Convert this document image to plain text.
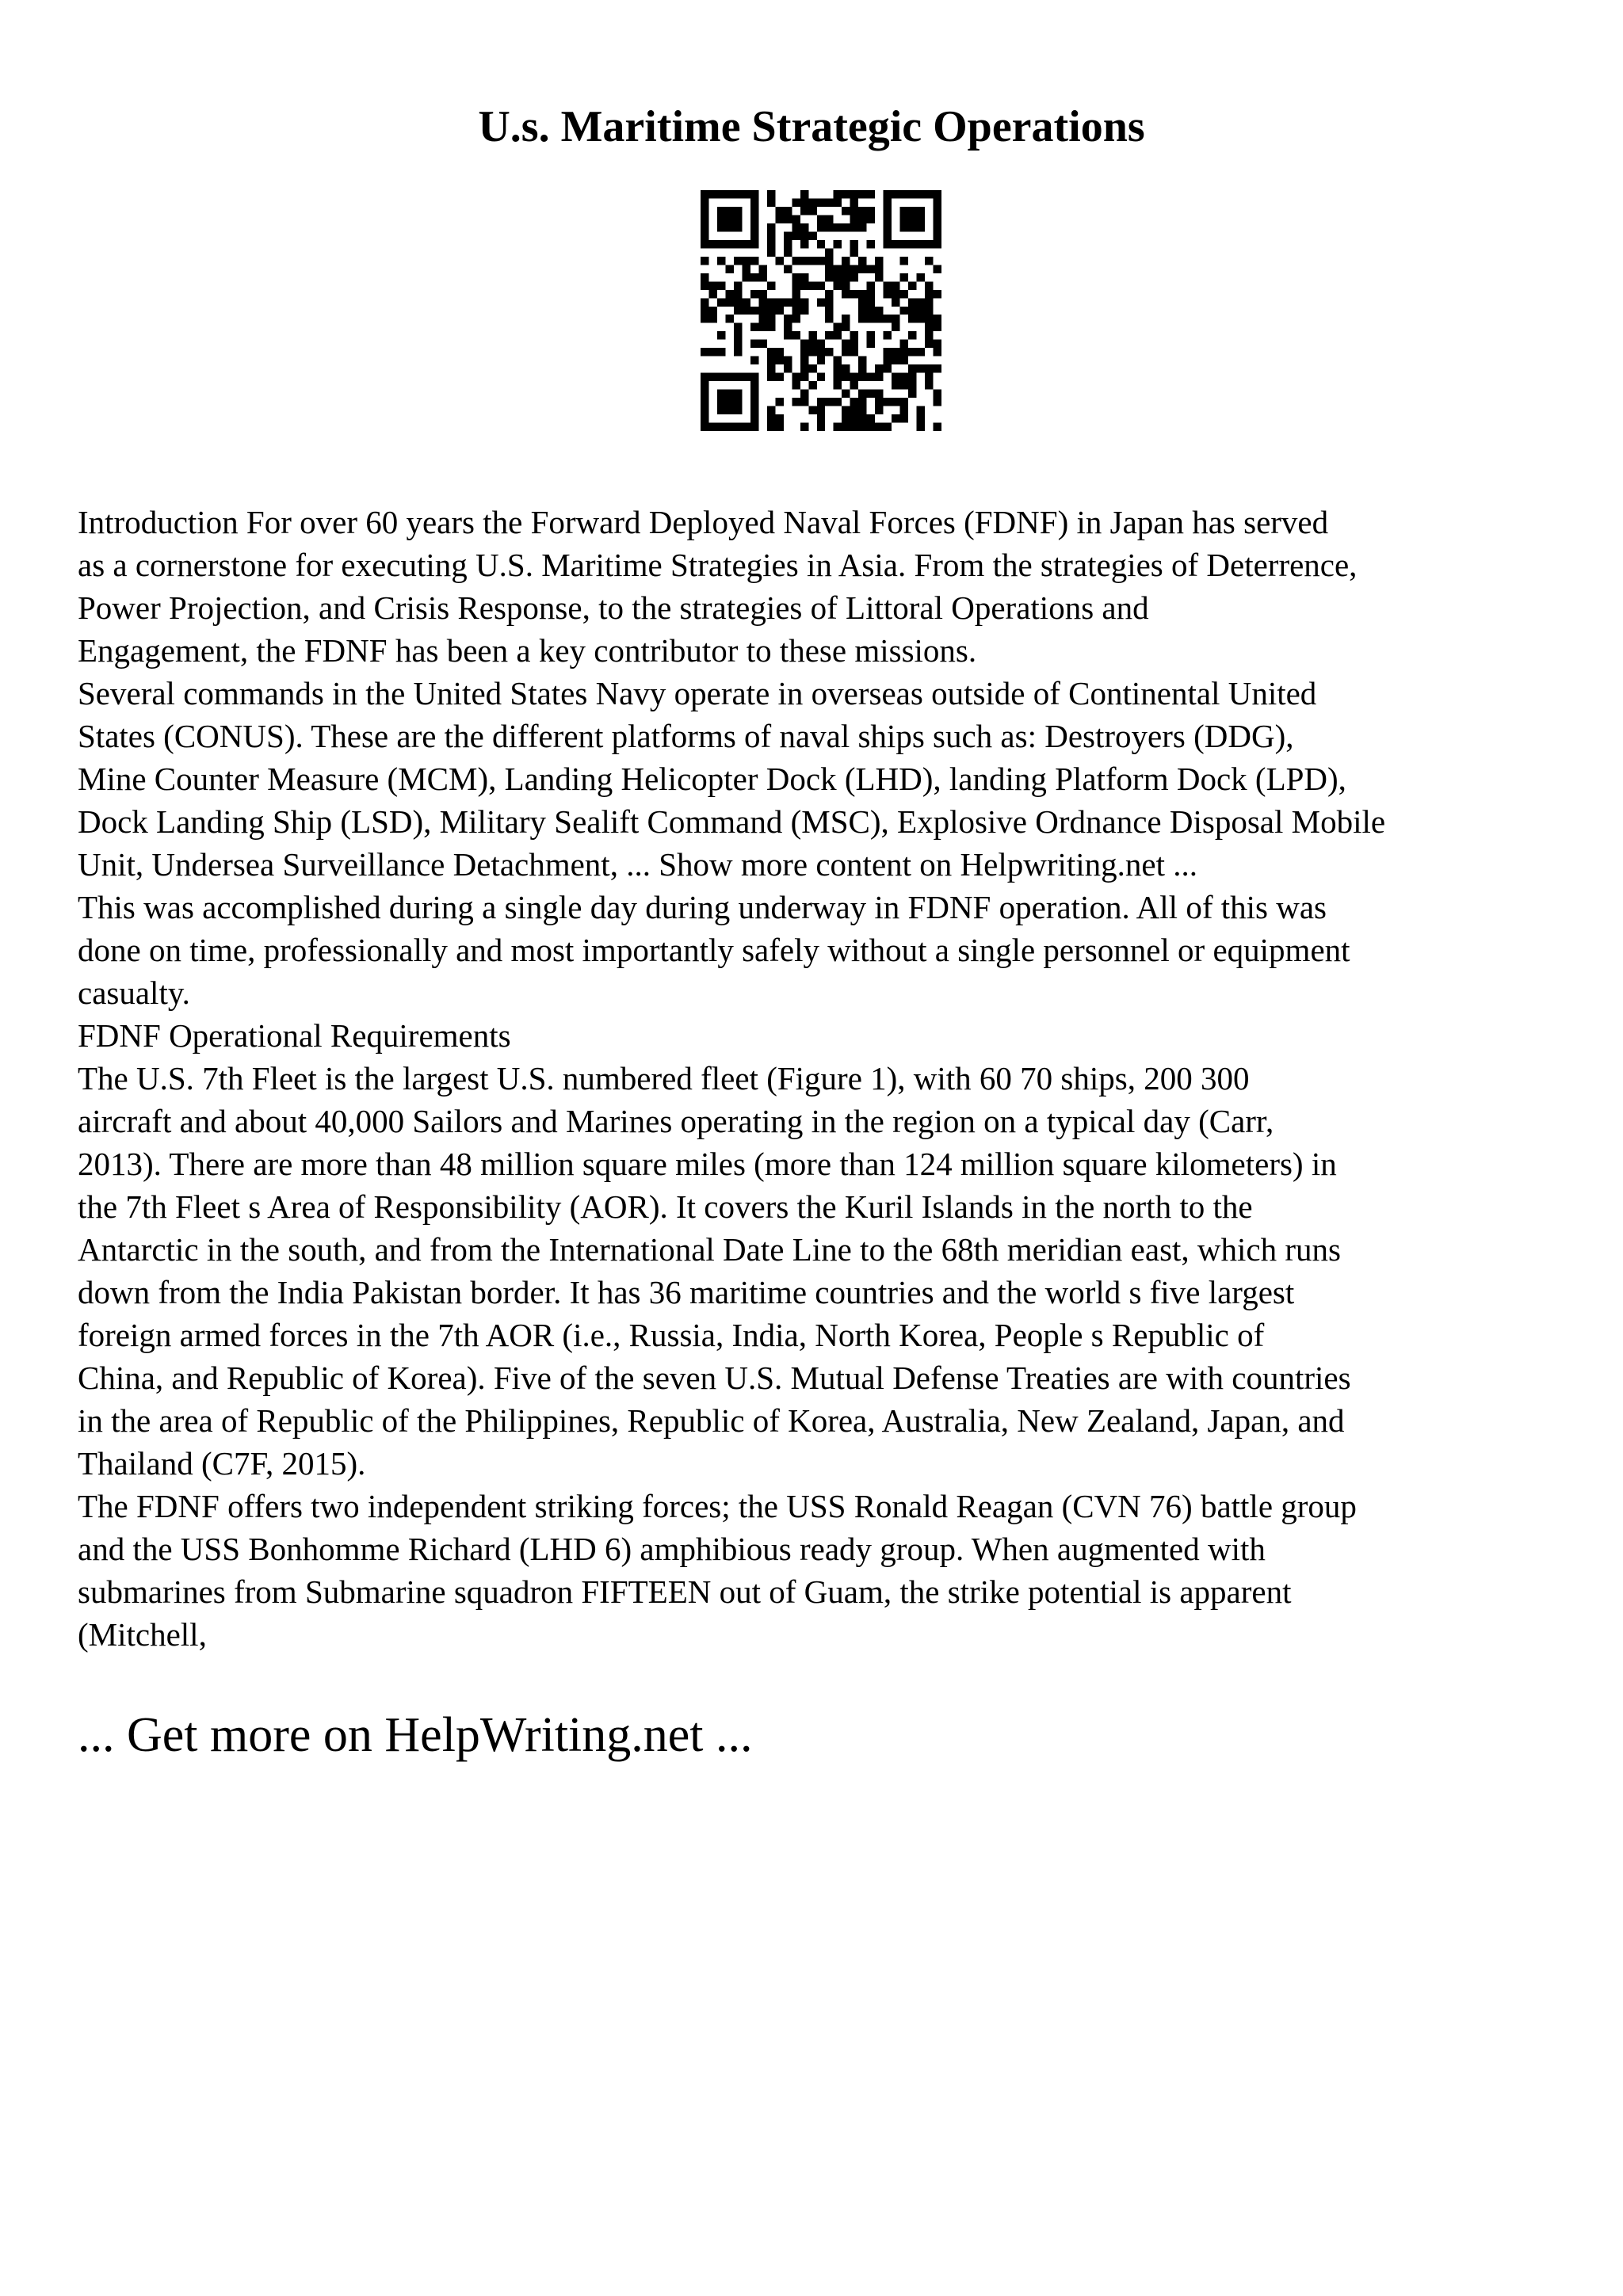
U.s. Maritime Strategic Operations
Introduction For over 60 years the Forward Deployed Naval Forces (FDNF) in Japan has served
as a cornerstone for executing U.S. Maritime Strategies in Asia. From the strategies of Deterrence,
Power Projection, and Crisis Response, to the strategies of Littoral Operations and
Engagement, the FDNF has been a key contributor to these missions.
Several commands in the United States Navy operate in overseas outside of Continental United
States (CONUS). These are the different platforms of naval ships such as: Destroyers (DDG),
Mine Counter Measure (MCM), Landing Helicopter Dock (LHD), landing Platform Dock (LPD),
Dock Landing Ship (LSD), Military Sealift Command (MSC), Explosive Ordnance Disposal Mobile
Unit, Undersea Surveillance Detachment, ... Show more content on Helpwriting.net ...
This was accomplished during a single day during underway in FDNF operation. All of this was
done on time, professionally and most importantly safely without a single personnel or equipment
casualty.
FDNF Operational Requirements
The U.S. 7th Fleet is the largest U.S. numbered fleet (Figure 1), with 60 70 ships, 200 300
aircraft and about 40,000 Sailors and Marines operating in the region on a typical day (Carr,
2013). There are more than 48 million square miles (more than 124 million square kilometers) in
the 7th Fleet s Area of Responsibility (AOR). It covers the Kuril Islands in the north to the
Antarctic in the south, and from the International Date Line to the 68th meridian east, which runs
down from the India Pakistan border. It has 36 maritime countries and the world s five largest
foreign armed forces in the 7th AOR (i.e., Russia, India, North Korea, People s Republic of
China, and Republic of Korea). Five of the seven U.S. Mutual Defense Treaties are with countries
in the area of Republic of the Philippines, Republic of Korea, Australia, New Zealand, Japan, and
Thailand (C7F, 2015).
The FDNF offers two independent striking forces; the USS Ronald Reagan (CVN 76) battle group
and the USS Bonhomme Richard (LHD 6) amphibious ready group. When augmented with
submarines from Submarine squadron FIFTEEN out of Guam, the strike potential is apparent
(Mitchell,

... Get more on HelpWriting.net ...
